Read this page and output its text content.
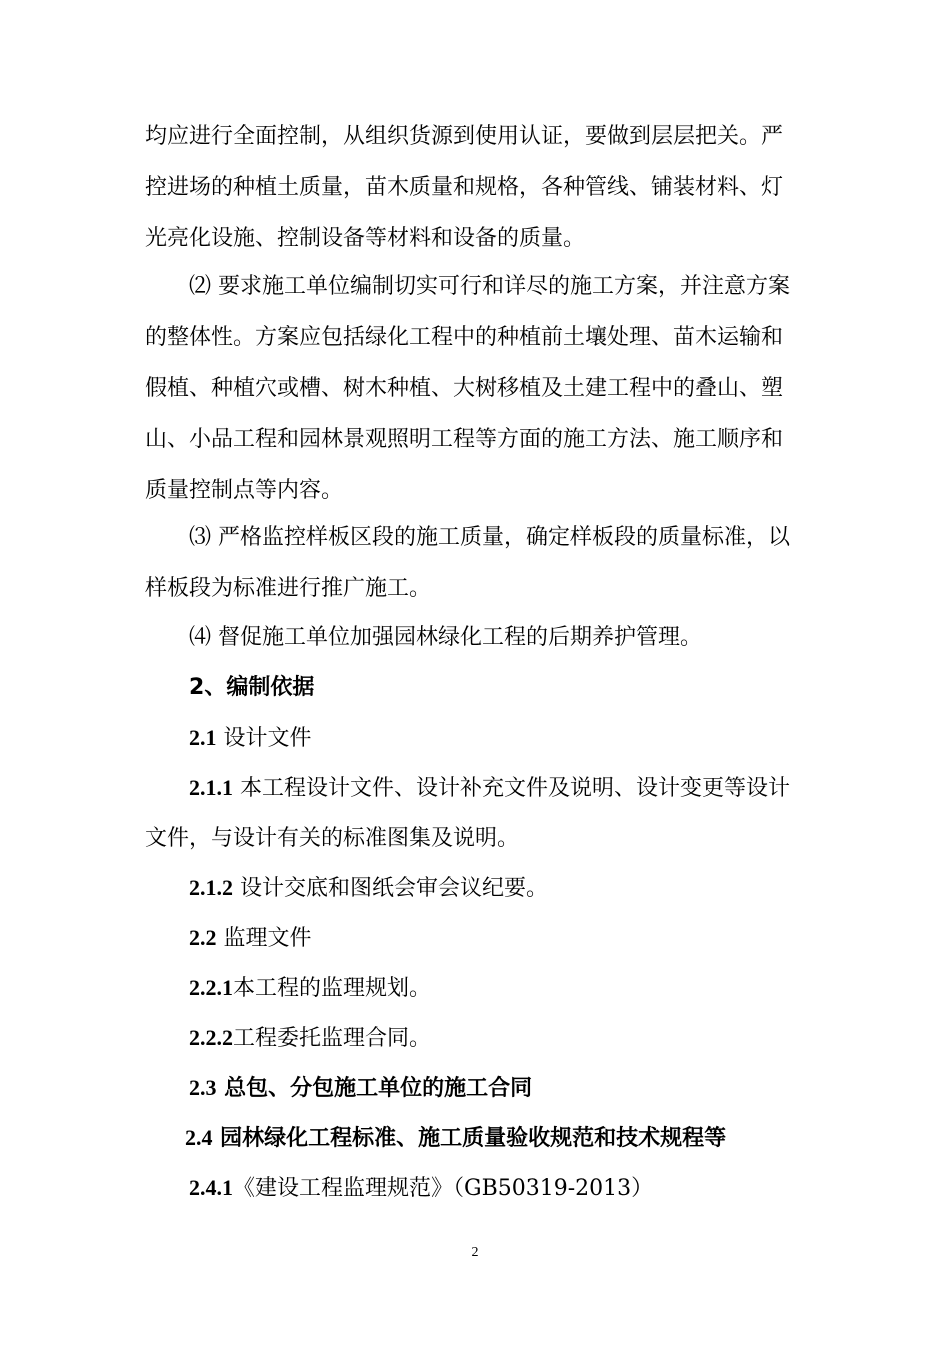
均应进行全面控制，从组织货源到使用认证，要做到层层把关。严
控进场的种植土质量，苗木质量和规格，各种管线、铺装材料、灯
光亮化设施、控制设备等材料和设备的质量。
⑵ 要求施工单位编制切实可行和详尽的施工方案，并注意方案
的整体性。方案应包括绿化工程中的种植前土壤处理、苗木运输和
假植、种植穴或槽、树木种植、大树移植及土建工程中的叠山、塑
山、小品工程和园林景观照明工程等方面的施工方法、施工顺序和
质量控制点等内容。
⑶ 严格监控样板区段的施工质量，确定样板段的质量标准，以
样板段为标准进行推广施工。
⑷ 督促施工单位加强园林绿化工程的后期养护管理。
2、编制依据
2.1 设计文件
2.1.1 本工程设计文件、设计补充文件及说明、设计变更等设计
文件，与设计有关的标准图集及说明。
2.1.2 设计交底和图纸会审会议纪要。
2.2 监理文件
2.2.1本工程的监理规划。
2.2.2工程委托监理合同。
2.3 总包、分包施工单位的施工合同
2.4 园林绿化工程标准、施工质量验收规范和技术规程等
2.4.1《建设工程监理规范》（GB50319-2013）
2
